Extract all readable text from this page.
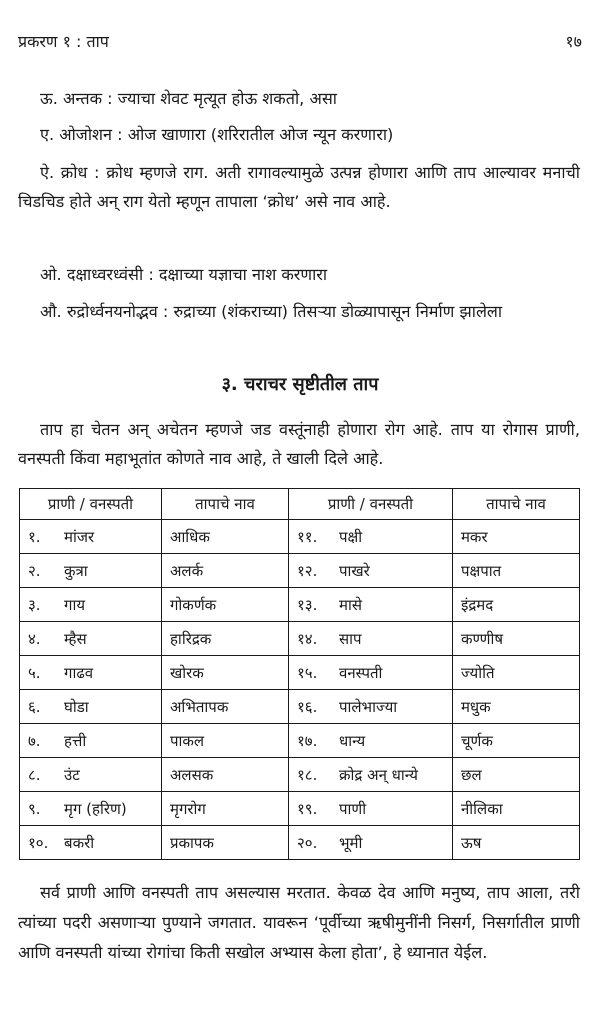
प्रकरण १ : ताप	१७

ऊ. अन्तक : ज्याचा शेवट मृत्यूत होऊ शकतो, असा

ए. ओजोशन : ओज खाणारा (शरिरातील ओज न्यून करणारा)

ऐ. क्रोध : क्रोध म्हणजे राग. अती रागावल्यामुळे उत्पन्न होणारा आणि ताप आल्यावर मनाची चिडचिड होते अन् राग येतो म्हणून तापाला ‘क्रोध’ असे नाव आहे.

ओ. दक्षाध्वरध्वंसी : दक्षाच्या यज्ञाचा नाश करणारा

औ. रुद्रोर्ध्वनयनोद्भव : रुद्राच्या (शंकराच्या) तिसऱ्या डोळ्यापासून निर्माण झालेला

३. चराचर सृष्टीतील ताप

ताप हा चेतन अन् अचेतन म्हणजे जड वस्तूंनाही होणारा रोग आहे. ताप या रोगास प्राणी, वनस्पती किंवा महाभूतांत कोणते नाव आहे, ते खाली दिले आहे.

प्राणी / वनस्पती	तापाचे नाव	प्राणी / वनस्पती	तापाचे नाव
१. मांजर	आधिक	११. पक्षी	मकर
२. कुत्रा	अलर्क	१२. पाखरे	पक्षपात
३. गाय	गोकर्णक	१३. मासे	इंद्रमद
४. म्हैस	हारिद्रक	१४. साप	कण्णीष
५. गाढव	खोरक	१५. वनस्पती	ज्योति
६. घोडा	अभितापक	१६. पालेभाज्या	मधुक
७. हत्ती	पाकल	१७. धान्य	चूर्णक
८. उंट	अलसक	१८. क्रोद्र अन् धान्ये	छल
९. मृग (हरिण)	मृगरोग	१९. पाणी	नीलिका
१०. बकरी	प्रकापक	२०. भूमी	ऊष

सर्व प्राणी आणि वनस्पती ताप असल्यास मरतात. केवळ देव आणि मनुष्य, ताप आला, तरी त्यांच्या पदरी असणाऱ्या पुण्याने जगतात. यावरून ‘पूर्वीच्या ऋषीमुनींनी निसर्ग, निसर्गातील प्राणी आणि वनस्पती यांच्या रोगांचा किती सखोल अभ्यास केला होता’, हे ध्यानात येईल.
